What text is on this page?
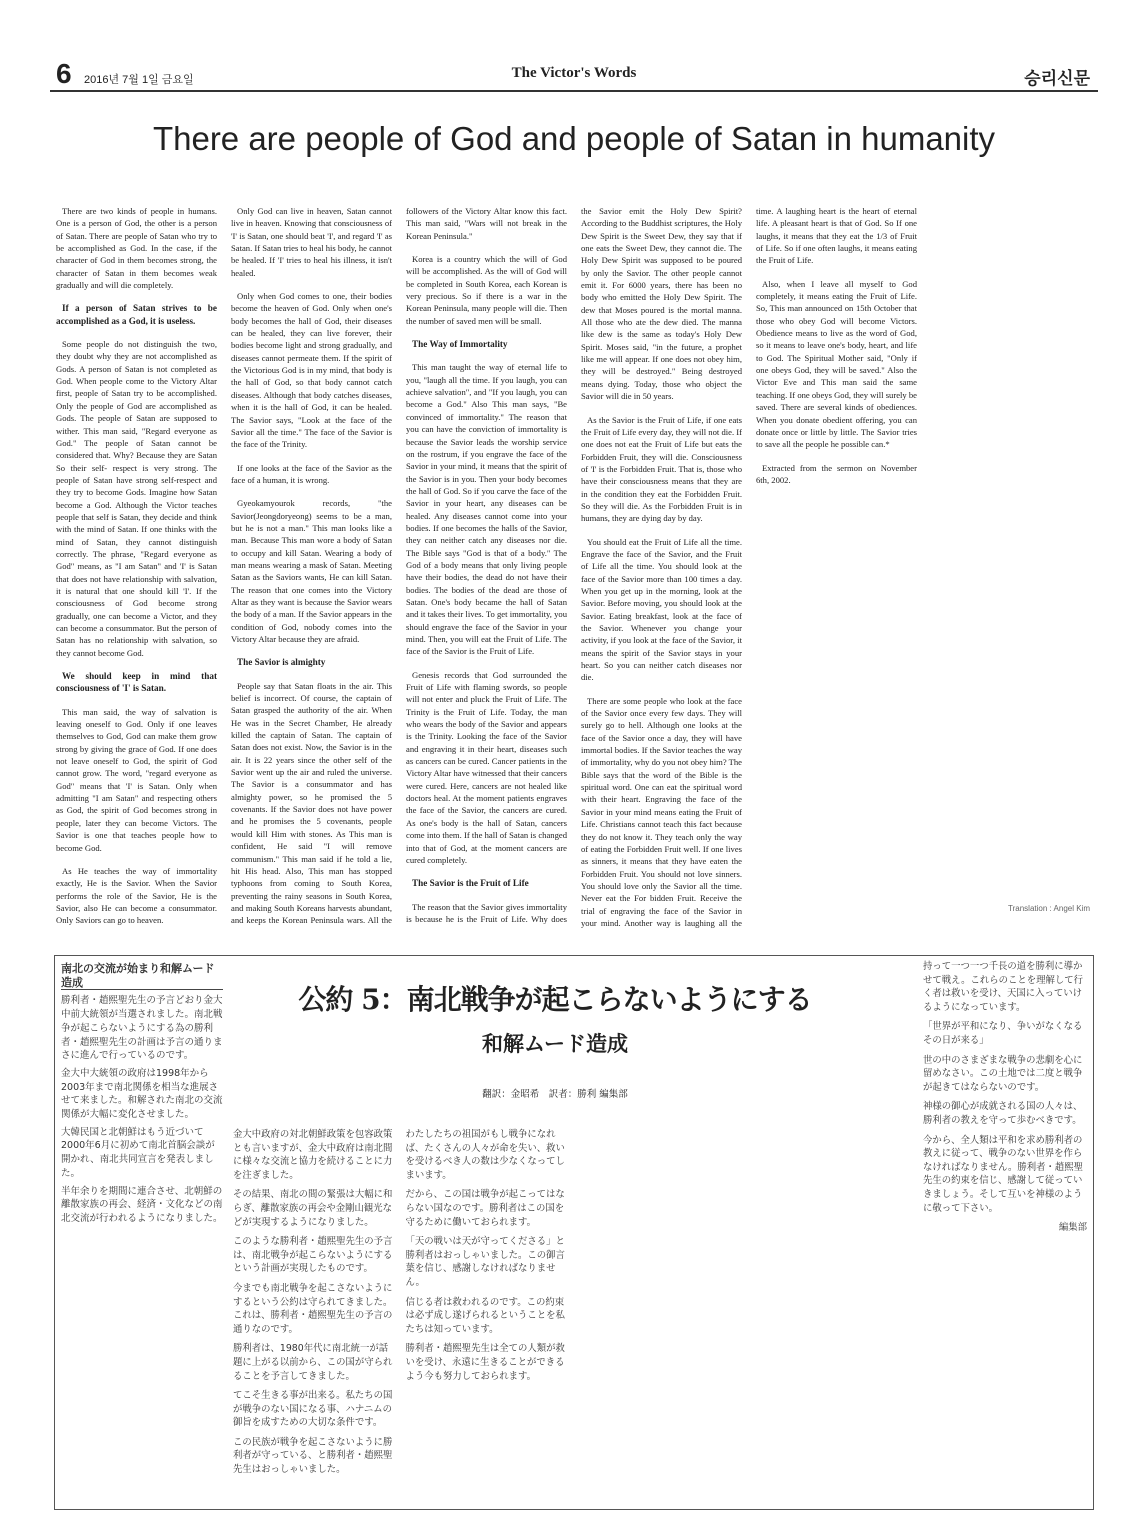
6 2016년 7월 1일 금요일	The Victor's Words	승리신문
There are people of God and people of Satan in humanity

There are two kinds of people in humans. One is a person of God, the other is a person of Satan. There are people of Satan who try to be accomplished as God. In the case, if the character of God in them becomes strong, the character of Satan in them becomes weak gradually and will die completely.

If a person of Satan strives to be accomplished as a God, it is useless.

Some people do not distinguish the two, they doubt why they are not accomplished as Gods. A person of Satan is not completed as God. When people come to the Victory Altar first, people of Satan try to be accomplished. Only the people of God are accomplished as Gods. The people of Satan are supposed to wither. This man said, "Regard everyone as God." The people of Satan cannot be considered that. Why? Because they are Satan So their self- respect is very strong. The people of Satan have strong self-respect and they try to become Gods. Imagine how Satan become a God. Although the Victor teaches people that self is Satan, they decide and think with the mind of Satan. If one thinks with the mind of Satan, they cannot distinguish correctly. The phrase, "Regard everyone as God" means, as "I am Satan" and 'I' is Satan that does not have relationship with salvation, it is natural that one should kill 'I'. If the consciousness of God become strong gradually, one can become a Victor, and they can become a consummator. But the person of Satan has no relationship with salvation, so they cannot become God.

We should keep in mind that consciousness of 'I' is Satan.

This man said, the way of salvation is leaving oneself to God. Only if one leaves themselves to God, God can make them grow strong by giving the grace of God. If one does not leave oneself to God, the spirit of God cannot grow. The word, "regard everyone as God" means that 'I' is Satan. Only when admitting "I am Satan" and respecting others as God, the spirit of God becomes strong in people, later they can become Victors. The Savior is one that teaches people how to become God.

As He teaches the way of immortality exactly, He is the Savior. When the Savior performs the role of the Savior, He is the Savior, also He can become a consummator. Only Saviors can go to heaven.

Only God can live in heaven, Satan cannot live in heaven. Knowing that consciousness of 'I' is Satan, one should beat 'I', and regard 'I' as Satan. If Satan tries to heal his body, he cannot be healed. If 'I' tries to heal his illness, it isn't healed.

Only when God comes to one, their bodies become the heaven of God. Only when one's body becomes the hall of God, their diseases can be healed, they can live forever, their bodies become light and strong gradually, and diseases cannot permeate them. If the spirit of the Victorious God is in my mind, that body is the hall of God, so that body cannot catch diseases. Although that body catches diseases, when it is the hall of God, it can be healed. The Savior says, "Look at the face of the Savior all the time." The face of the Savior is the face of the Trinity.

If one looks at the face of the Savior as the face of a human, it is wrong.

Gyeokamyourok records, "the Savior(Jeongdoryeong) seems to be a man, but he is not a man." This man looks like a man. Because This man wore a body of Satan to occupy and kill Satan. Wearing a body of man means wearing a mask of Satan. Meeting Satan as the Saviors wants, He can kill Satan. The reason that one comes into the Victory Altar as they want is because the Savior wears the body of a man. If the Savior appears in the condition of God, nobody comes into the Victory Altar because they are afraid.

The Savior is almighty

People say that Satan floats in the air. This belief is incorrect. Of course, the captain of Satan grasped the authority of the air. When He was in the Secret Chamber, He already killed the captain of Satan. The captain of Satan does not exist. Now, the Savior is in the air. It is 22 years since the other self of the Savior went up the air and ruled the universe. The Savior is a consummator and has almighty power, so he promised the 5 covenants. If the Savior does not have power and he promises the 5 covenants, people would kill Him with stones. As This man is confident, He said "I will remove communism." This man said if he told a lie, hit His head. Also, This man has stopped typhoons from coming to South Korea, preventing the rainy seasons in South Korea, and making South Koreans harvests abundant, and keeps the Korean Peninsula wars. All the followers of the Victory Altar know this fact. This man said, "Wars will not break in the Korean Peninsula."

Korea is a country which the will of God will be accomplished. As the will of God will be completed in South Korea, each Korean is very precious. So if there is a war in the Korean Peninsula, many people will die. Then the number of saved men will be small.

The Way of Immortality

This man taught the way of eternal life to you, "laugh all the time. If you laugh, you can achieve salvation", and "If you laugh, you can become a God." Also This man says, "Be convinced of immortality." The reason that you can have the conviction of immortality is because the Savior leads the worship service on the rostrum, if you engrave the face of the Savior in your mind, it means that the spirit of the Savior is in you. Then your body becomes the hall of God. So if you carve the face of the Savior in your heart, any diseases can be healed. Any diseases cannot come into your bodies. If one becomes the halls of the Savior, they can neither catch any diseases nor die. The Bible says "God is that of a body." The God of a body means that only living people have their bodies, the dead do not have their bodies. The bodies of the dead are those of Satan. One's body became the hall of Satan and it takes their lives. To get immortality, you should engrave the face of the Savior in your mind. Then, you will eat the Fruit of Life. The face of the Savior is the Fruit of Life.

Genesis records that God surrounded the Fruit of Life with flaming swords, so people will not enter and pluck the Fruit of Life. The Trinity is the Fruit of Life. Today, the man who wears the body of the Savior and appears is the Trinity. Looking the face of the Savior and engraving it in their heart, diseases such as cancers can be cured. Cancer patients in the Victory Altar have witnessed that their cancers were cured. Here, cancers are not healed like doctors heal. At the moment patients engraves the face of the Savior, the cancers are cured. As one's body is the hall of Satan, cancers come into them. If the hall of Satan is changed into that of God, at the moment cancers are cured completely.

The Savior is the Fruit of Life

The reason that the Savior gives immortality is because he is the Fruit of Life. Why does the Savior emit the Holy Dew Spirit? According to the Buddhist scriptures, the Holy Dew Spirit is the Sweet Dew, they say that if one eats the Sweet Dew, they cannot die. The Holy Dew Spirit was supposed to be poured by only the Savior. The other people cannot emit it. For 6000 years, there has been no body who emitted the Holy Dew Spirit. The dew that Moses poured is the mortal manna. All those who ate the dew died. The manna like dew is the same as today's Holy Dew Spirit. Moses said, "in the future, a prophet like me will appear. If one does not obey him, they will be destroyed." Being destroyed means dying. Today, those who object the Savior will die in 50 years.

As the Savior is the Fruit of Life, if one eats the Fruit of Life every day, they will not die. If one does not eat the Fruit of Life but eats the Forbidden Fruit, they will die. Consciousness of 'I' is the Forbidden Fruit. That is, those who have their consciousness means that they are in the condition they eat the Forbidden Fruit. So they will die. As the Forbidden Fruit is in humans, they are dying day by day.

You should eat the Fruit of Life all the time. Engrave the face of the Savior, and the Fruit of Life all the time. You should look at the face of the Savior more than 100 times a day. When you get up in the morning, look at the Savior. Before moving, you should look at the Savior. Eating breakfast, look at the face of the Savior. Whenever you change your activity, if you look at the face of the Savior, it means the spirit of the Savior stays in your heart. So you can neither catch diseases nor die.

There are some people who look at the face of the Savior once every few days. They will surely go to hell. Although one looks at the face of the Savior once a day, they will have immortal bodies. If the Savior teaches the way of immortality, why do you not obey him? The Bible says that the word of the Bible is the spiritual word. One can eat the spiritual word with their heart. Engraving the face of the Savior in your mind means eating the Fruit of Life. Christians cannot teach this fact because they do not know it. They teach only the way of eating the Forbidden Fruit well. If one lives as sinners, it means that they have eaten the Forbidden Fruit. You should not love sinners. You should love only the Savior all the time. Never eat the For bidden Fruit. Receive the trial of engraving the face of the Savior in your mind. Another way is laughing all the time. A laughing heart is the heart of eternal life. A pleasant heart is that of God. So If one laughs, it means that they eat the 1/3 of Fruit of Life. So if one often laughs, it means eating the Fruit of Life.

Also, when I leave all myself to God completely, it means eating the Fruit of Life. So, This man announced on 15th October that those who obey God will become Victors. Obedience means to live as the word of God, so it means to leave one's body, heart, and life to God. The Spiritual Mother said, "Only if one obeys God, they will be saved." Also the Victor Eve and This man said the same teaching. If one obeys God, they will surely be saved. There are several kinds of obediences. When you donate obedient offering, you can donate once or little by little. The Savior tries to save all the people he possible can.*

Extracted from the sermon on November 6th, 2002.

Translation : Angel Kim
南北の交流が始まり和解ムード造成

勝利者・趙熙聖先生の予言どおり金大中前大統領が当選されました。南北戦争が起こらないようにする為の勝利者・趙熙聖先生の計画は予言の通りまさに進んで行っているのです。

金大中大統領の政府は1998年から2003年まで南北関係を相当な進展させて来ました。和解された南北の交流関係が大幅に変化させました。

大韓民国と北朝鮮はもう近づいて2000年6月に初めて南北首脳会談が開かれ、南北共同宣言を発表しました。

半年余りを期間に連合させ、北朝鮮の離散家族の再会、経済・文化などの南北交流が行われるようになりました。

公約 5：南北戦争が起こらないようにする
和解ムード造成
翻訳：金昭希　訳者：勝利 編集部

金大中政府の対北朝鮮政策を包容政策とも言いますが、金大中政府は南北間に様々な交流と協力を続けることに力を注ぎました。

その結果、南北の間の緊張は大幅に和らぎ、離散家族の再会や金剛山観光などが実現するようになりました。

このような勝利者・趙熙聖先生の予言は、南北戦争が起こらないようにするという計画が実現したものです。

今までも南北戦争を起こさないようにするという公約は守られてきました。これは、勝利者・趙熙聖先生の予言の通りなのです。

勝利者は、1980年代に南北統一が話題に上がる以前から、この国が守られることを予言してきました。

てこそ生きる事が出来る。私たちの国が戦争のない国になる事、ハナニムの御旨を成すための大切な条件です。

この民族が戦争を起こさないように勝利者が守っている、と勝利者・趙熙聖先生はおっしゃいました。

わたしたちの祖国がもし戦争になれば、たくさんの人々が命を失い、救いを受けるべき人の数は少なくなってしまいます。

だから、この国は戦争が起こってはならない国なのです。勝利者はこの国を守るために働いておられます。

「天の戦いは天が守ってくださる」と勝利者はおっしゃいました。この御言葉を信じ、感謝しなければなりません。

信じる者は救われるのです。この約束は必ず成し遂げられるということを私たちは知っています。

勝利者・趙熙聖先生は全ての人類が救いを受け、永遠に生きることができるよう今も努力しておられます。

持って一つ一つ千長の道を勝利に導かせて戦え。これらのことを理解して行く者は救いを受け、天国に入っていけるようになっています。

「世界が平和になり、争いがなくなるその日が来る」

世の中のさまざまな戦争の悲劇を心に留めなさい。この土地では二度と戦争が起きてはならないのです。

神様の御心が成就される国の人々は、勝利者の教えを守って歩むべきです。

今から、全人類は平和を求め勝利者の教えに従って、戦争のない世界を作らなければなりません。勝利者・趙熙聖先生の約束を信じ、感謝して従っていきましょう。そして互いを神様のように敬って下さい。

編集部
